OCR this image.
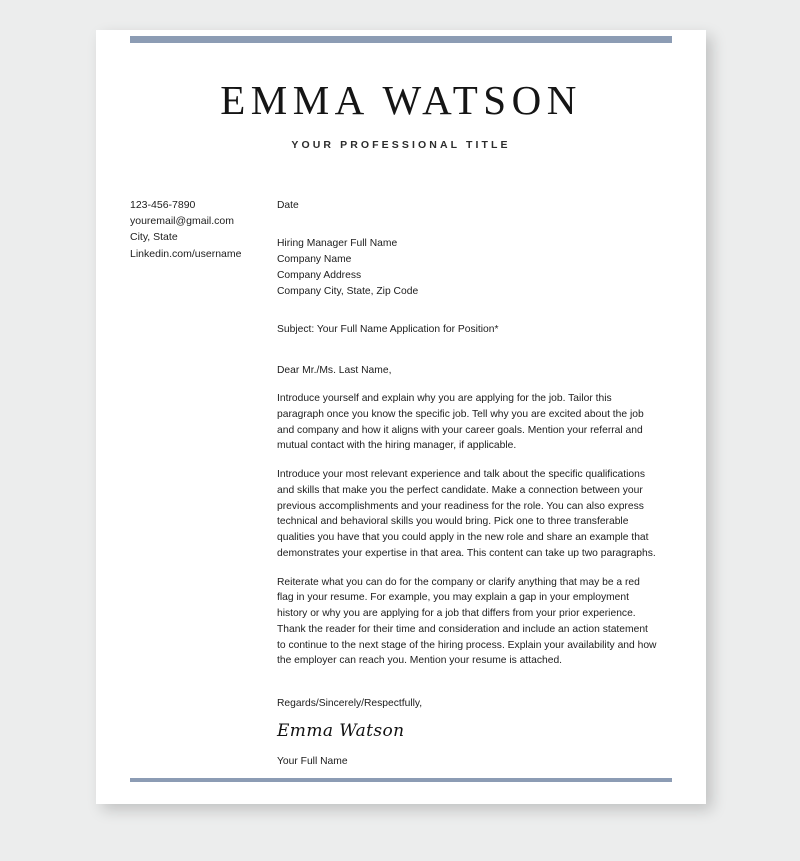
EMMA WATSON
YOUR PROFESSIONAL TITLE
123-456-7890
youremail@gmail.com
City, State
Linkedin.com/username
Date
Hiring Manager Full Name
Company Name
Company Address
Company City, State, Zip Code
Subject: Your Full Name Application for Position*
Dear Mr./Ms. Last Name,
Introduce yourself and explain why you are applying for the job. Tailor this paragraph once you know the specific job. Tell why you are excited about the job and company and how it aligns with your career goals. Mention your referral and mutual contact with the hiring manager, if applicable.
Introduce your most relevant experience and talk about the specific qualifications and skills that make you the perfect candidate. Make a connection between your previous accomplishments and your readiness for the role. You can also express technical and behavioral skills you would bring. Pick one to three transferable qualities you have that you could apply in the new role and share an example that demonstrates your expertise in that area. This content can take up two paragraphs.
Reiterate what you can do for the company or clarify anything that may be a red flag in your resume. For example, you may explain a gap in your employment history or why you are applying for a job that differs from your prior experience. Thank the reader for their time and consideration and include an action statement to continue to the next stage of the hiring process. Explain your availability and how the employer can reach you. Mention your resume is attached.
Regards/Sincerely/Respectfully,
Emma Watson
Your Full Name
